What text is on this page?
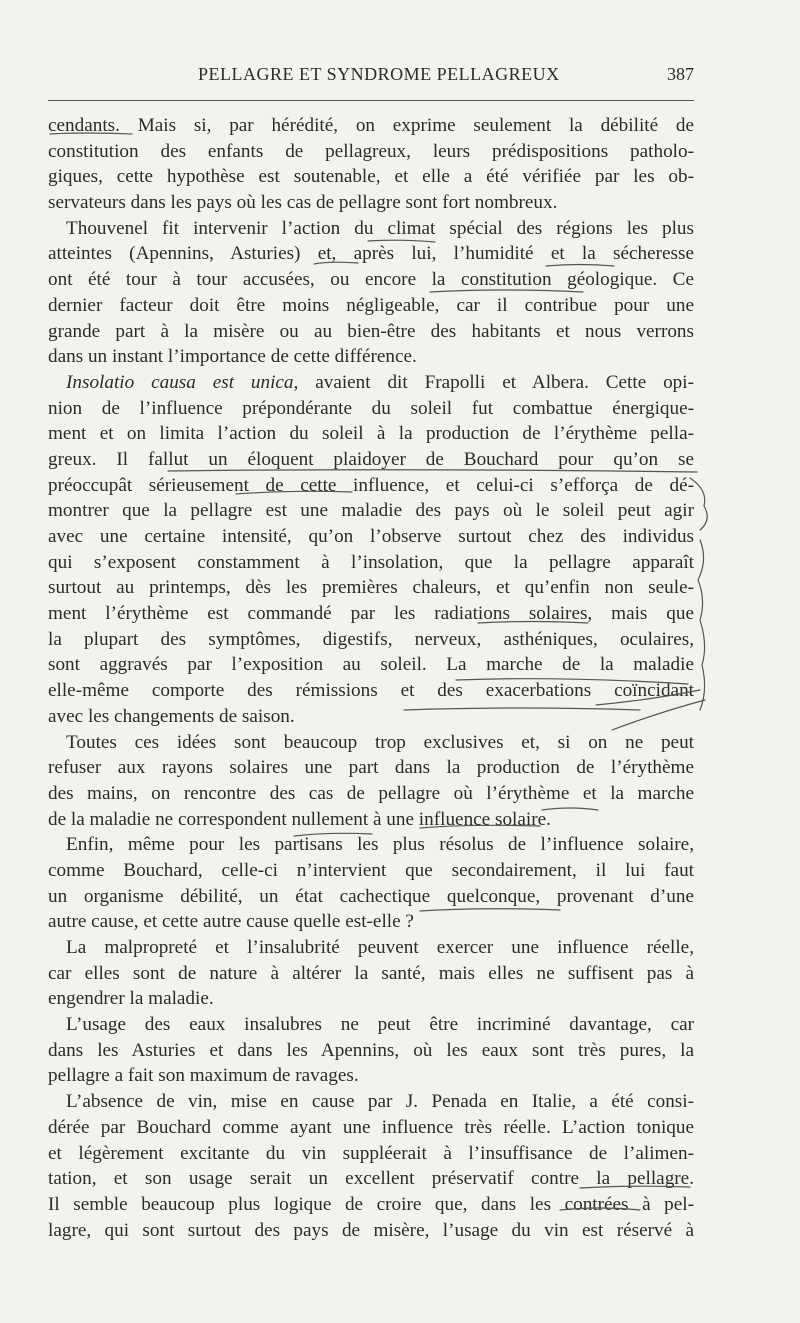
PELLAGRE ET SYNDROME PELLAGREUX	387
cendants. Mais si, par hérédité, on exprime seulement la débilité de
constitution des enfants de pellagreux, leurs prédispositions patholo-
giques, cette hypothèse est soutenable, et elle a été vérifiée par les ob-
servateurs dans les pays où les cas de pellagre sont fort nombreux.
Thouvenel fit intervenir l’action du climat spécial des régions les plus
atteintes (Apennins, Asturies) et, après lui, l’humidité et la sécheresse
ont été tour à tour accusées, ou encore la constitution géologique. Ce
dernier facteur doit être moins négligeable, car il contribue pour une
grande part à la misère ou au bien-être des habitants et nous verrons
dans un instant l’importance de cette différence.
Insolatio causa est unica, avaient dit Frapolli et Albera. Cette opi-
nion de l’influence prépondérante du soleil fut combattue énergique-
ment et on limita l’action du soleil à la production de l’érythème pella-
greux. Il fallut un éloquent plaidoyer de Bouchard pour qu’on se
préoccupât sérieusement de cette influence, et celui-ci s’efforça de dé-
montrer que la pellagre est une maladie des pays où le soleil peut agir
avec une certaine intensité, qu’on l’observe surtout chez des individus
qui s’exposent constamment à l’insolation, que la pellagre apparaît
surtout au printemps, dès les premières chaleurs, et qu’enfin non seule-
ment l’érythème est commandé par les radiations solaires, mais que
la plupart des symptômes, digestifs, nerveux, asthéniques, oculaires,
sont aggravés par l’exposition au soleil. La marche de la maladie
elle-même comporte des rémissions et des exacerbations coïncidant
avec les changements de saison.
Toutes ces idées sont beaucoup trop exclusives et, si on ne peut
refuser aux rayons solaires une part dans la production de l’érythème
des mains, on rencontre des cas de pellagre où l’érythème et la marche
de la maladie ne correspondent nullement à une influence solaire.
Enfin, même pour les partisans les plus résolus de l’influence solaire,
comme Bouchard, celle-ci n’intervient que secondairement, il lui faut
un organisme débilité, un état cachectique quelconque, provenant d’une
autre cause, et cette autre cause quelle est-elle ?
La malpropreté et l’insalubrité peuvent exercer une influence réelle,
car elles sont de nature à altérer la santé, mais elles ne suffisent pas à
engendrer la maladie.
L’usage des eaux insalubres ne peut être incriminé davantage, car
dans les Asturies et dans les Apennins, où les eaux sont très pures, la
pellagre a fait son maximum de ravages.
L’absence de vin, mise en cause par J. Penada en Italie, a été consi-
dérée par Bouchard comme ayant une influence très réelle. L’action tonique
et légèrement excitante du vin suppléerait à l’insuffisance de l’alimen-
tation, et son usage serait un excellent préservatif contre la pellagre.
Il semble beaucoup plus logique de croire que, dans les contrées à pel-
lagre, qui sont surtout des pays de misère, l’usage du vin est réservé à
